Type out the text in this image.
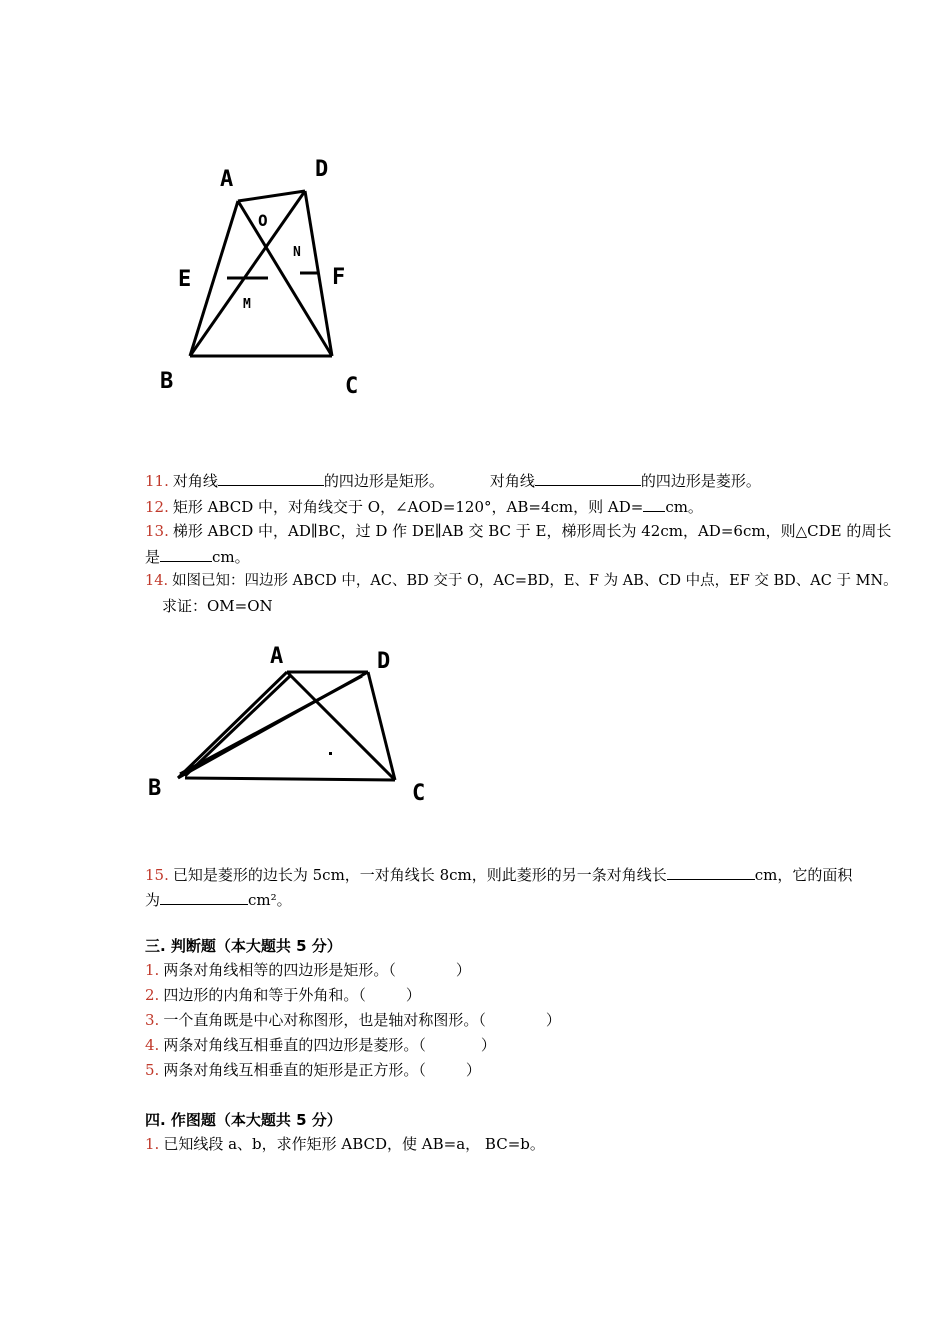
A	D
O
N
E	F
M
B	C
11. 对角线	的四边形是矩形。	对角线	的四边形是菱形。
12. 矩形 ABCD 中，对角线交于 O，∠AOD=120°，AB=4cm，则 AD= cm。
13. 梯形 ABCD 中，AD∥BC，过 D 作 DE∥AB 交 BC 于 E，梯形周长为 42cm，AD=6cm，则△CDE 的周长
是	cm。
14. 如图已知：四边形 ABCD 中，AC、BD 交于 O，AC=BD，E、F 为 AB、CD 中点，EF 交 BD、AC 于 MN。
求证：OM=ON
A	D
B	C
15. 已知是菱形的边长为 5cm，一对角线长 8cm，则此菱形的另一条对角线长	cm，它的面积
为	cm²。
三. 判断题（本大题共 5 分）
1. 两条对角线相等的四边形是矩形。（	）
2. 四边形的内角和等于外角和。（	）
3. 一个直角既是中心对称图形，也是轴对称图形。（	）
4. 两条对角线互相垂直的四边形是菱形。（	）
5. 两条对角线互相垂直的矩形是正方形。（	）
四. 作图题（本大题共 5 分）
1. 已知线段 a、b，求作矩形 ABCD，使 AB=a， BC=b。
